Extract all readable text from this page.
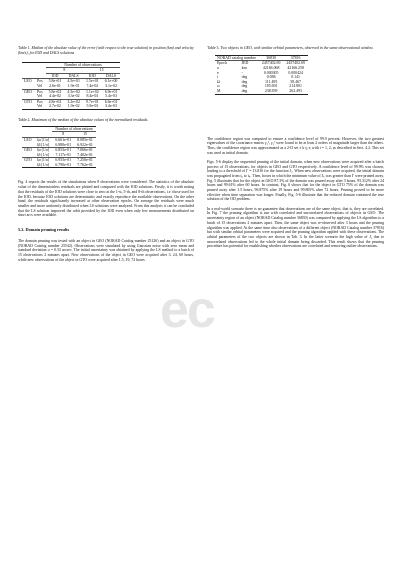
Table 1. Median of the absolute value of the error (with respect to the true solution) in position (km) and velocity (km/s), for IOD and DALS solutions
		Number of observations			
		8		15	
		IOD	DALS	IOD	DALS
LEO	Pos	5.8e+01	4.5e+01	1.5e+01	6.1e+00
	Vel	2.6e-01	1.9e-01	7.4e-02	3.1e-02
GEO	Pos	5.8e+02	4.5e+02	1.1e+02	6.9e+01
	Vel	4.4e-02	3.3e-02	8.4e-03	5.4e-03
GTO	Pos	4.8e+02	3.2e+02	9.7e+01	6.6e+01
	Vel	2.7e-02	1.9e-02	5.9e-03	3.4e-03
Table 2. Maximum of the median of the absolute values of the normalized residuals.
		Number of observations	
		8	15
LEO	ξα [1/σ]	6.661e-01	8.085e-01
	ξδ [1/σ]	6.980e-01	6.922e-01
GEO	ξα [1/σ]	6.853e-01	7.066e-01
	ξδ [1/σ]	7.117e-01	7.402e-01
GTO	ξα [1/σ]	6.955e-01	7.250e-01
	ξδ [1/σ]	6.790e-01	7.762e-01

Fig. 4 reports the results of the simulations when 8 observations were considered. The statistics of the absolute value of the dimensionless residuals are plotted and compared with the IOD solutions. Firstly, it is worth noting that the residuals of the IOD solutions were close to zero at the 1-st, 5-th, and 8-th observations, i.e. those used for the IOD, because IOD solutions are deterministic and exactly reproduce the available observations. On the other hand, the residuals significantly increased at other observation epochs. On average the residuals were much smaller and more uniformly distributed when LS solutions were analyzed. From this analysis it can be concluded that the LS solution improved the orbit provided by the IOD even when only few measurements distributed on short arcs were available.

5.2. Domain pruning results

The domain pruning was tested with an object in GEO (NORAD Catalog number 25126) and an object in GTO (NORAD Catalog number 25542). Observations were simulated by using Gaussian noise with zero mean and standard deviation σ = 0.33 arcsec. The initial uncertainty was obtained by applying the LS method to a batch of 15 observations 2 minutes apart. New observations of the object in GEO were acquired after 3, 24, 60 hours, while new observations of the object in GTO were acquired after 1.5, 19, 72 hours.

Table 3. Two objects in GEO, with similar orbital parameters, observed in the same observational window.
NORAD catalog number		36830	37816
Epoch	JED	2457402.69	2457402.69
a	km	42166.068	42166.258
e	-	0.000305	0.000424
i	deg	0.086	0.141
Ω	deg	111.495	58.467
ω	deg	185.691	214.801
M	deg	238.839	262.493

The confidence region was computed to ensure a confidence level of 99.9 percent. However, the two greatest eigenvalues of the covariance matrix γ₁², γ₂² were found to be at least 2 orders of magnitude larger than the others. Thus, the confidence region was approximated as a 2-D set ± k γᵢ eᵢ with i = 1, 2, as described in Sect. 4.2. This set was used as initial domain.

Figs. 5-6 display the sequential pruning of the initial domain, when new observations were acquired after a batch process of 15 observations, for objects in GEO and GTO respectively. A confidence level of 99.9% was chosen, leading to a threshold of Γ = 13.816 for the function J₂. When new observations were acquired, the initial domain was propagated from t₀ to tₖ. Then, boxes in which the minimum value of Jₖ was greater than Γ were pruned away. Fig. 5 illustrates that for the object in GEO 87.3% of the domain was pruned away after 3 hours, 95.312% after 24 hours and 99.61% after 60 hours. In contrast, Fig. 6 shows that for the object in GTO 75% of the domain was pruned away after 1.5 hours, 96.875% after 19 hours and 99.805% after 72 hours. Pruning proved to be more effective when time separation was longer. Finally, Fig. 5-6 illustrate that the reduced domain contained the true solution of the OD problem.

In a real-world scenario there is no guarantee that observations are of the same object, that is, they are correlated. In Fig. 7 the pruning algorithm is run with correlated and uncorrelated observations of objects in GEO. The uncertainty region of an object (NORAD Catalog number 36830) was computed by applying the LS algorithm to a batch of 15 observations 2 minutes apart. Then, the same object was re-observed after 3 hours and the pruning algorithm was applied. At the same time also observations of a different object (NORAD Catalog number 37816) but with similar orbital parameters were acquired and the pruning algorithm applied with these observations. The orbital parameters of the two objects are shown in Tab. 3. In the latter scenario the high value of J₂ due to uncorrelated observations led to the whole initial domain being discarded. This result shows that the pruning procedure has potential for establishing whether observations are correlated and removing outlier observations.

ec
